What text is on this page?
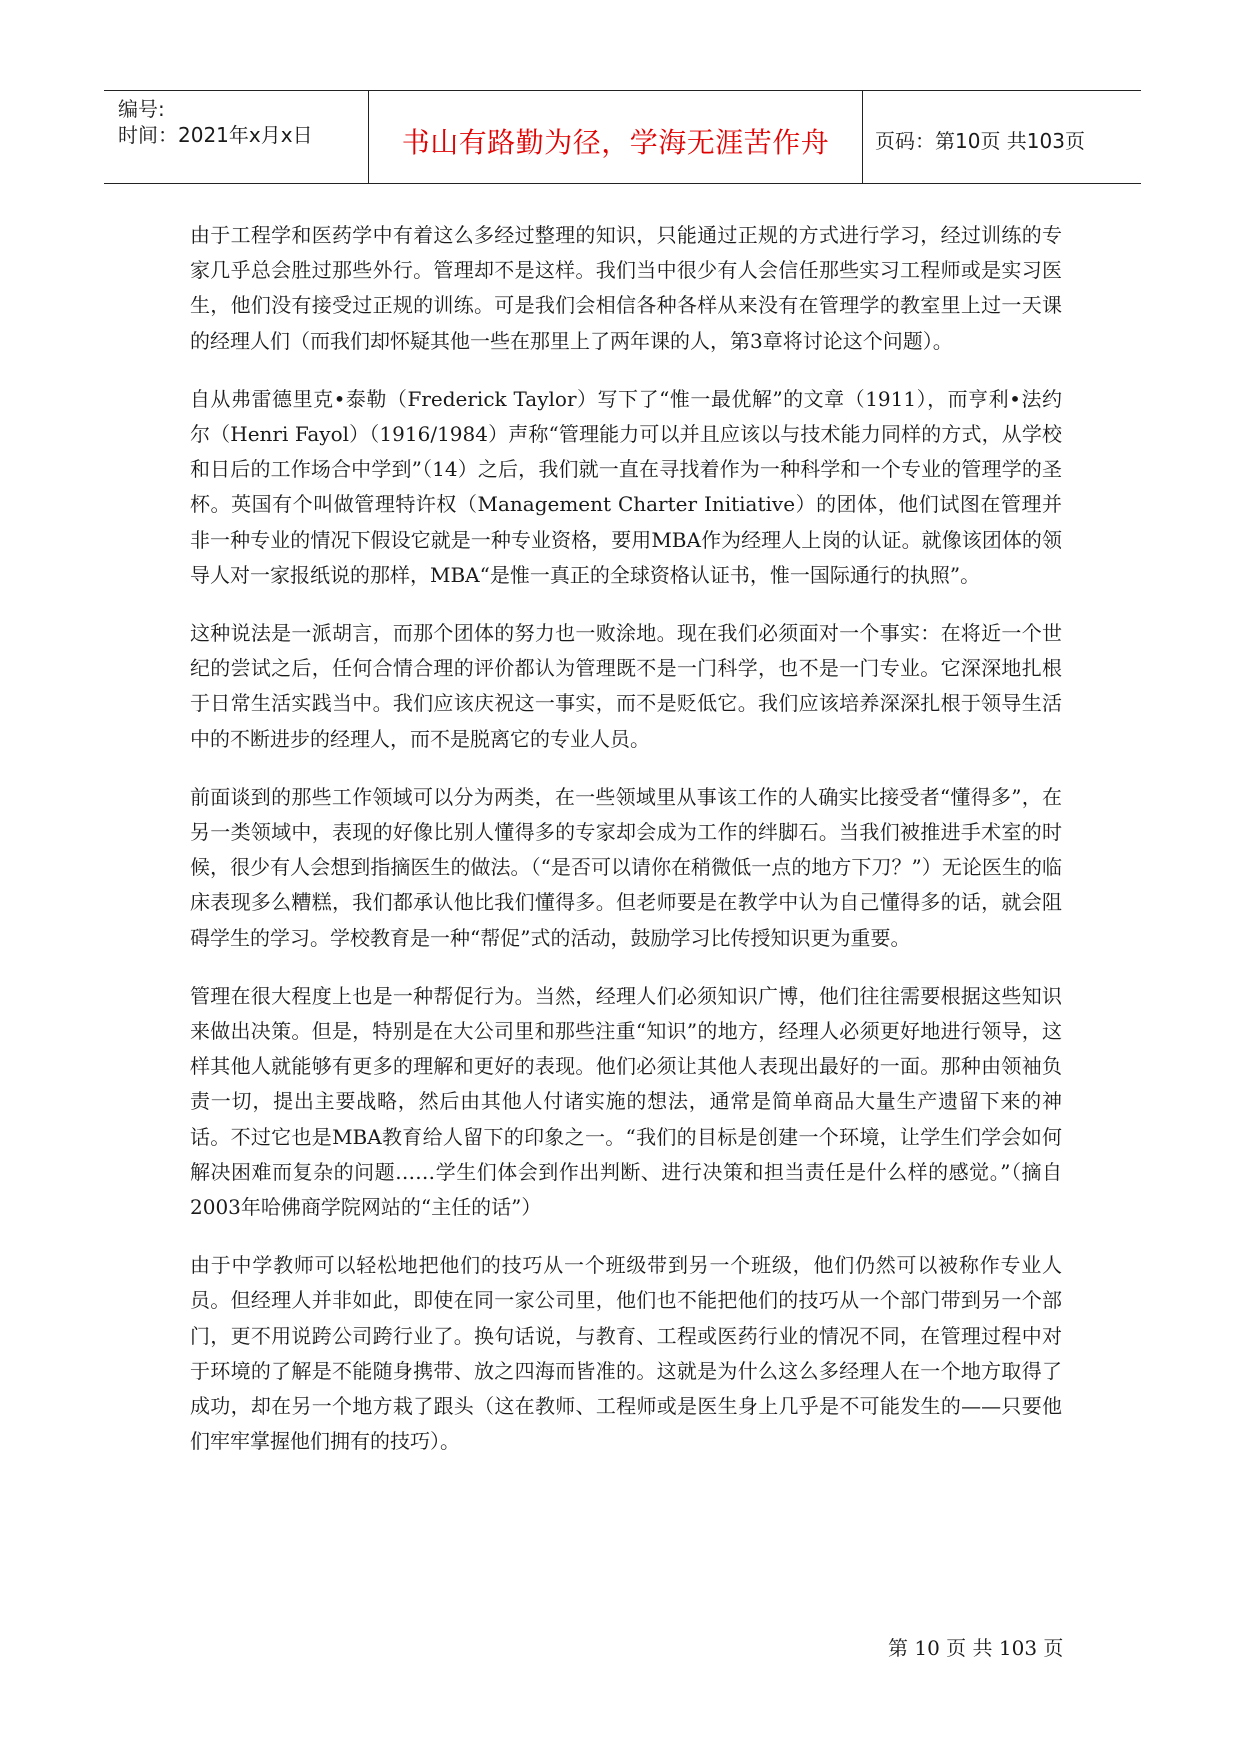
编号:
时间：2021年x月x日	书山有路勤为径，学海无涯苦作舟	页码：第10页 共103页

由于工程学和医药学中有着这么多经过整理的知识，只能通过正规的方式进行学习，经过训练的专家几乎总会胜过那些外行。管理却不是这样。我们当中很少有人会信任那些实习工程师或是实习医生，他们没有接受过正规的训练。可是我们会相信各种各样从来没有在管理学的教室里上过一天课的经理人们（而我们却怀疑其他一些在那里上了两年课的人，第3章将讨论这个问题）。

自从弗雷德里克•泰勒（Frederick Taylor）写下了“惟一最优解”的文章（1911），而亨利•法约尔（Henri Fayol）（1916/1984）声称“管理能力可以并且应该以与技术能力同样的方式，从学校和日后的工作场合中学到”（14）之后，我们就一直在寻找着作为一种科学和一个专业的管理学的圣杯。英国有个叫做管理特许权（Management Charter Initiative）的团体，他们试图在管理并非一种专业的情况下假设它就是一种专业资格，要用MBA作为经理人上岗的认证。就像该团体的领导人对一家报纸说的那样，MBA“是惟一真正的全球资格认证书，惟一国际通行的执照”。

这种说法是一派胡言，而那个团体的努力也一败涂地。现在我们必须面对一个事实：在将近一个世纪的尝试之后，任何合情合理的评价都认为管理既不是一门科学，也不是一门专业。它深深地扎根于日常生活实践当中。我们应该庆祝这一事实，而不是贬低它。我们应该培养深深扎根于领导生活中的不断进步的经理人，而不是脱离它的专业人员。

前面谈到的那些工作领域可以分为两类，在一些领域里从事该工作的人确实比接受者“懂得多”，在另一类领域中，表现的好像比别人懂得多的专家却会成为工作的绊脚石。当我们被推进手术室的时候，很少有人会想到指摘医生的做法。（“是否可以请你在稍微低一点的地方下刀？”）无论医生的临床表现多么糟糕，我们都承认他比我们懂得多。但老师要是在教学中认为自己懂得多的话，就会阻碍学生的学习。学校教育是一种“帮促”式的活动，鼓励学习比传授知识更为重要。

管理在很大程度上也是一种帮促行为。当然，经理人们必须知识广博，他们往往需要根据这些知识来做出决策。但是，特别是在大公司里和那些注重“知识”的地方，经理人必须更好地进行领导，这样其他人就能够有更多的理解和更好的表现。他们必须让其他人表现出最好的一面。那种由领袖负责一切，提出主要战略，然后由其他人付诸实施的想法，通常是简单商品大量生产遗留下来的神话。不过它也是MBA教育给人留下的印象之一。“我们的目标是创建一个环境，让学生们学会如何解决困难而复杂的问题……学生们体会到作出判断、进行决策和担当责任是什么样的感觉。”（摘自2003年哈佛商学院网站的“主任的话”）

由于中学教师可以轻松地把他们的技巧从一个班级带到另一个班级，他们仍然可以被称作专业人员。但经理人并非如此，即使在同一家公司里，他们也不能把他们的技巧从一个部门带到另一个部门，更不用说跨公司跨行业了。换句话说，与教育、工程或医药行业的情况不同，在管理过程中对于环境的了解是不能随身携带、放之四海而皆准的。这就是为什么这么多经理人在一个地方取得了成功，却在另一个地方栽了跟头（这在教师、工程师或是医生身上几乎是不可能发生的——只要他们牢牢掌握他们拥有的技巧）。

第 10 页 共 103 页
